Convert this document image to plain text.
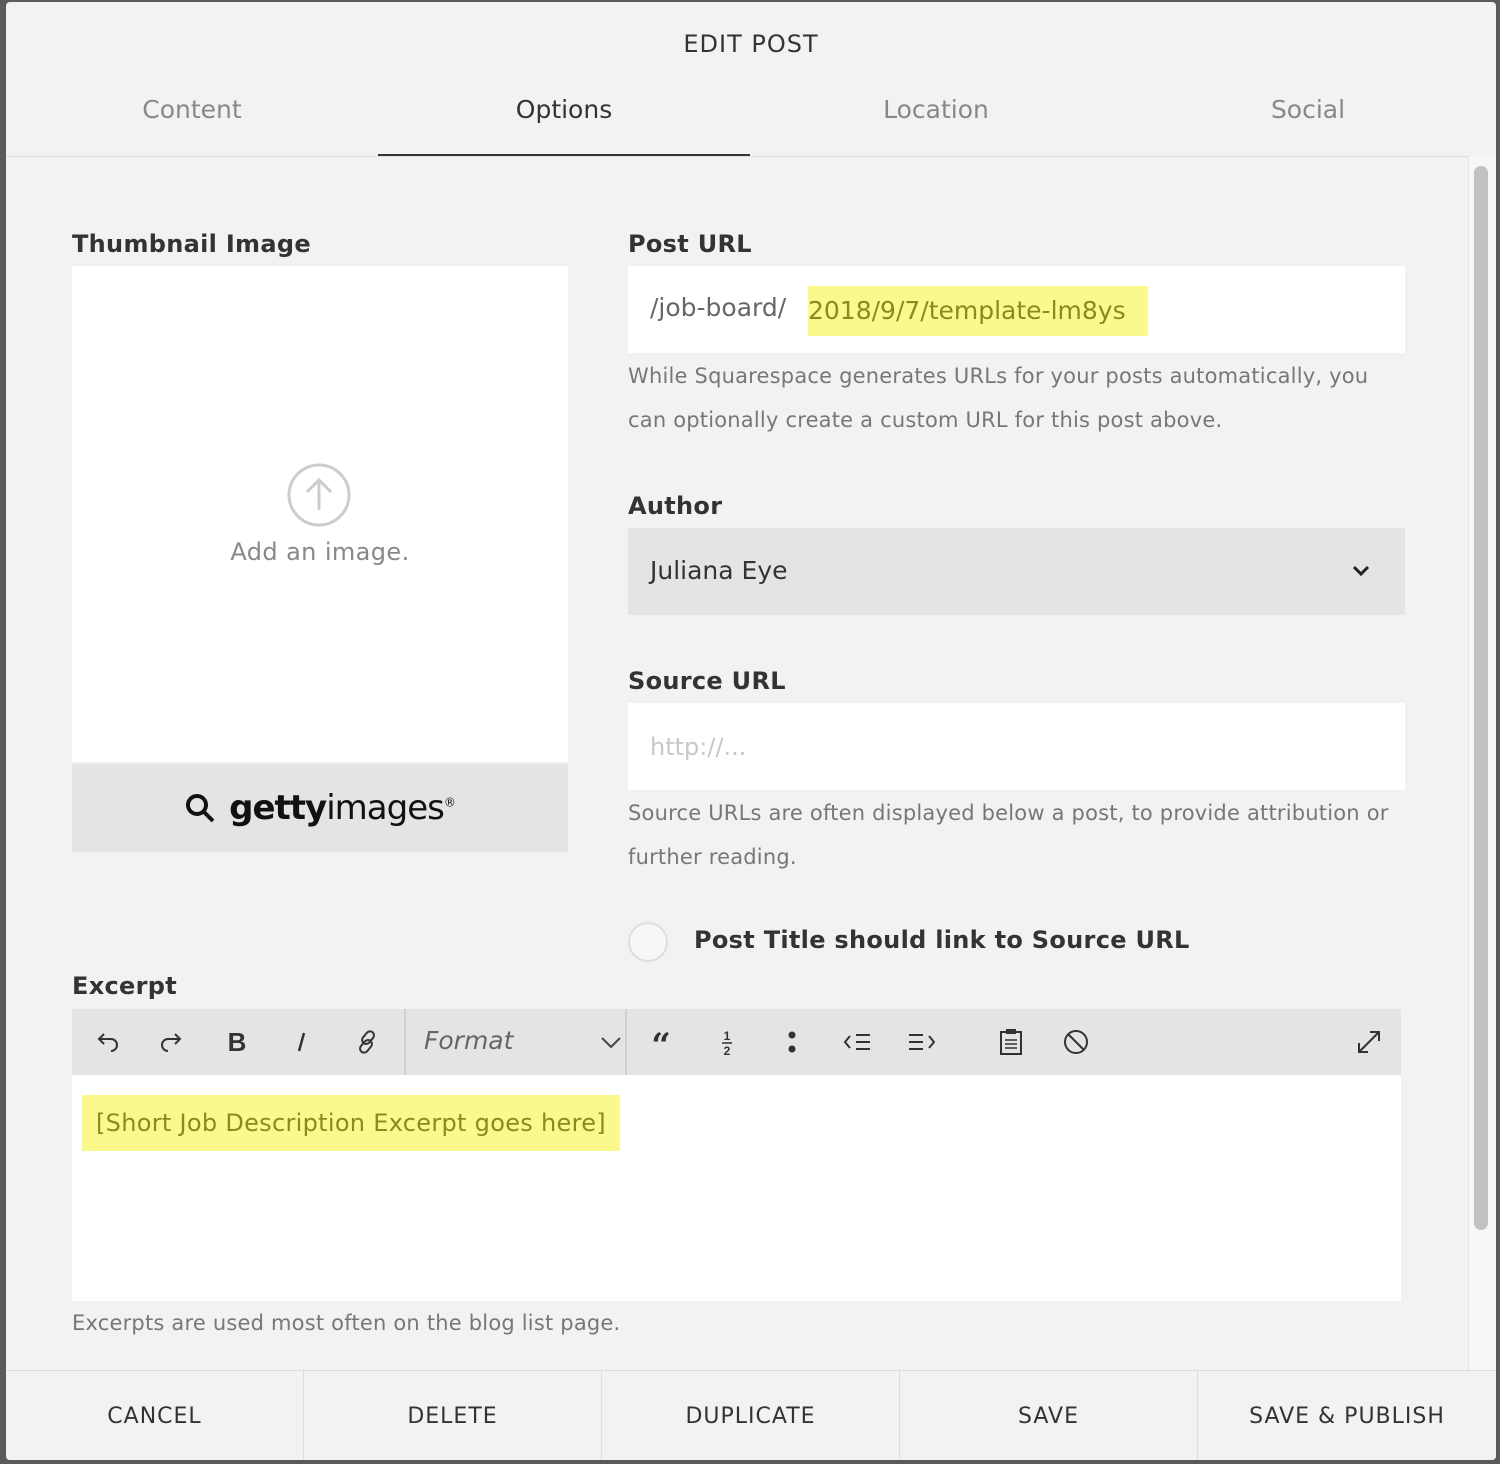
EDIT POST
Content	Options	Location	Social
Thumbnail Image
Add an image.
gettyimages®
Post URL
/job-board/ 2018/9/7/template-lm8ys
While Squarespace generates URLs for your posts automatically, you can optionally create a custom URL for this post above.
Author
Juliana Eye
Source URL
http://...
Source URLs are often displayed below a post, to provide attribution or further reading.
Post Title should link to Source URL
Excerpt
B	Format	“	1
2
[Short Job Description Excerpt goes here]
Excerpts are used most often on the blog list page.
CANCEL	DELETE	DUPLICATE	SAVE	SAVE & PUBLISH
